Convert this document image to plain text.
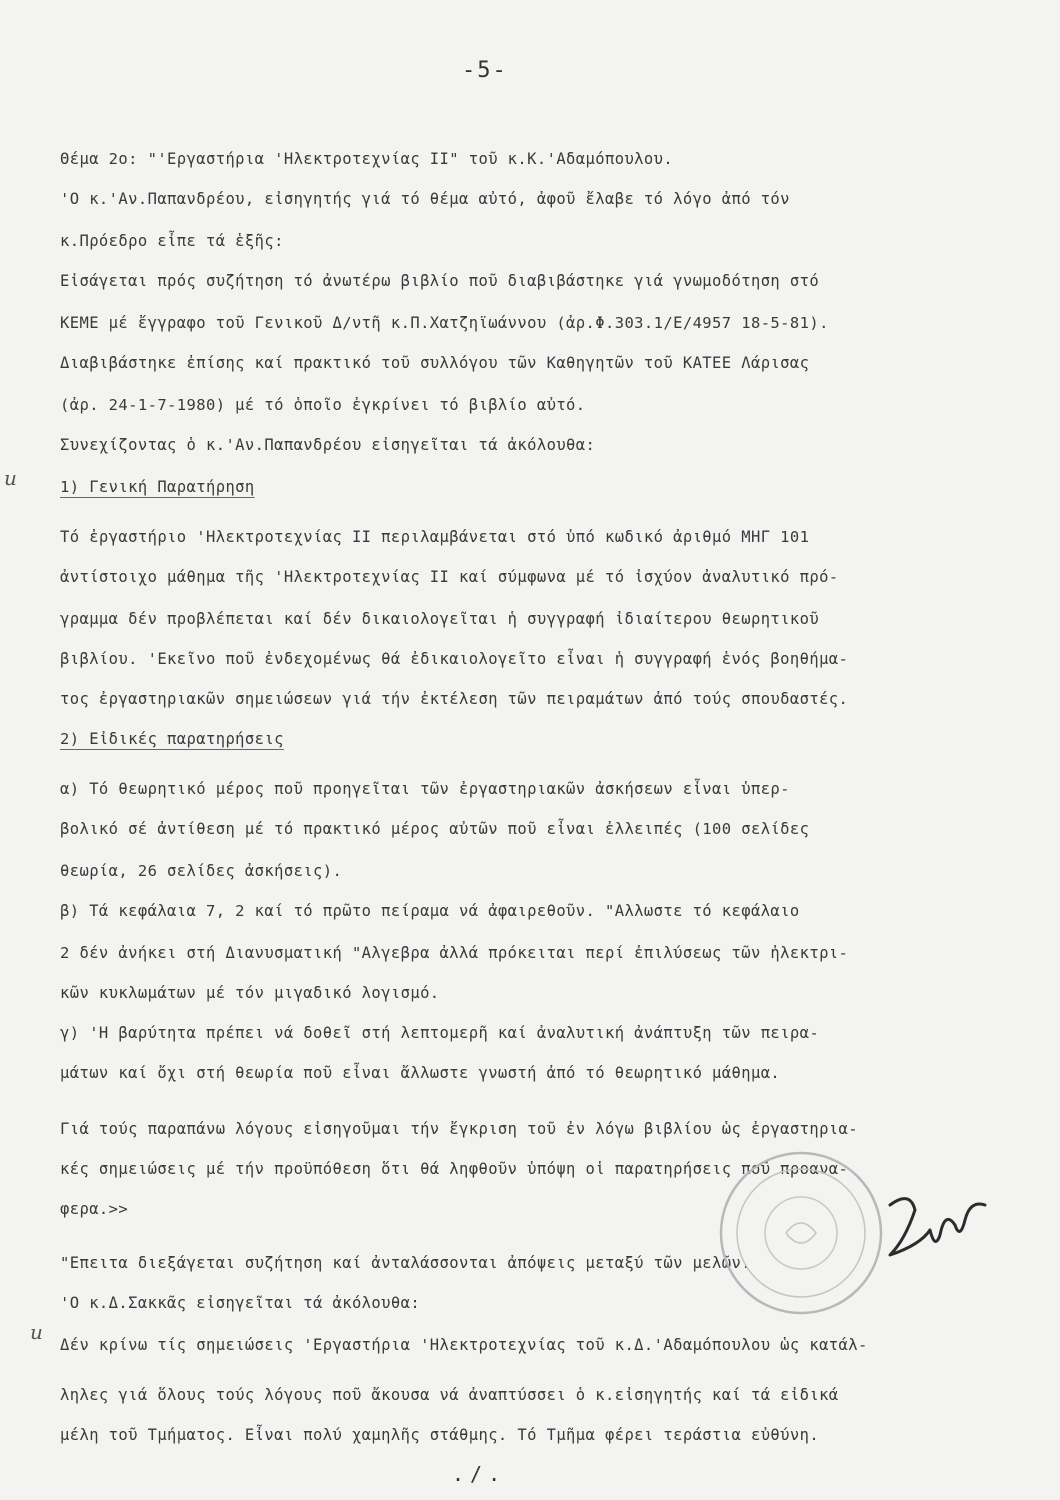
-5-
u
u
Θέμα 2ο: "'Εργαστήρια 'Ηλεκτροτεχνίας ΙΙ" τοῦ κ.Κ.'Αδαμόπουλου.
'Ο κ.'Αν.Παπανδρέου, εἰσηγητής γιά τό θέμα αὐτό, ἀφοῦ ἔλαβε τό λόγο ἀπό τόν
κ.Πρόεδρο εἶπε τά ἑξῆς:
Εἰσάγεται πρός συζήτηση τό ἀνωτέρω βιβλίο ποῦ διαβιβάστηκε γιά γνωμοδότηση στό
ΚΕΜΕ μέ ἔγγραφο τοῦ Γενικοῦ Δ/ντῆ κ.Π.Χατζηϊωάννου (ἀρ.Φ.303.1/Ε/4957 18-5-81).
Διαβιβάστηκε ἐπίσης καί πρακτικό τοῦ συλλόγου τῶν Καθηγητῶν τοῦ ΚΑΤΕΕ Λάρισας
(ἀρ. 24-1-7-1980) μέ τό ὁποῖο ἐγκρίνει τό βιβλίο αὐτό.
Συνεχίζοντας ὁ κ.'Αν.Παπανδρέου εἰσηγεῖται τά ἀκόλουθα:
1) Γενική Παρατήρηση
Τό ἐργαστήριο 'Ηλεκτροτεχνίας ΙΙ περιλαμβάνεται στό ὑπό κωδικό ἀριθμό ΜΗΓ 101
ἀντίστοιχο μάθημα τῆς 'Ηλεκτροτεχνίας ΙΙ καί σύμφωνα μέ τό ἰσχύον ἀναλυτικό πρό-
γραμμα δέν προβλέπεται καί δέν δικαιολογεῖται ἡ συγγραφή ἰδιαίτερου θεωρητικοῦ
βιβλίου. 'Εκεῖνο ποῦ ἐνδεχομένως θά ἐδικαιολογεῖτο εἶναι ἡ συγγραφή ἑνός βοηθήμα-
τος ἐργαστηριακῶν σημειώσεων γιά τήν ἐκτέλεση τῶν πειραμάτων ἀπό τούς σπουδαστές.
2) Εἰδικές παρατηρήσεις
α) Τό θεωρητικό μέρος ποῦ προηγεῖται τῶν ἐργαστηριακῶν ἀσκήσεων εἶναι ὑπερ-
βολικό σέ ἀντίθεση μέ τό πρακτικό μέρος αὐτῶν ποῦ εἶναι ἐλλειπές (100 σελίδες
θεωρία, 26 σελίδες ἀσκήσεις).
β) Τά κεφάλαια 7, 2 καί τό πρῶτο πείραμα νά ἀφαιρεθοῦν. "Αλλωστε τό κεφάλαιο
2 δέν ἀνήκει στή Διανυσματική "Αλγεβρα ἀλλά πρόκειται περί ἐπιλύσεως τῶν ἠλεκτρι-
κῶν κυκλωμάτων μέ τόν μιγαδικό λογισμό.
γ) 'Η βαρύτητα πρέπει νά δοθεῖ στή λεπτομερῆ καί ἀναλυτική ἀνάπτυξη τῶν πειρα-
μάτων καί ὄχι στή θεωρία ποῦ εἶναι ἄλλωστε γνωστή ἀπό τό θεωρητικό μάθημα.
Γιά τούς παραπάνω λόγους εἰσηγοῦμαι τήν ἔγκριση τοῦ ἐν λόγω βιβλίου ὡς ἐργαστηρια-
κές σημειώσεις μέ τήν προϋπόθεση ὅτι θά ληφθοῦν ὑπόψη οἱ παρατηρήσεις ποῦ προανα-
φερα.>>
"Επειτα διεξάγεται συζήτηση καί ἀνταλάσσονται ἀπόψεις μεταξύ τῶν μελῶν.
'Ο κ.Δ.Σακκᾶς εἰσηγεῖται τά ἀκόλουθα:
Δέν κρίνω τίς σημειώσεις 'Εργαστήρια 'Ηλεκτροτεχνίας τοῦ κ.Δ.'Αδαμόπουλου ὡς κατάλ-
ληλες γιά ὅλους τούς λόγους ποῦ ἄκουσα νά ἀναπτύσσει ὁ κ.εἰσηγητής καί τά εἰδικά
μέλη τοῦ Τμήματος. Εἶναι πολύ χαμηλῆς στάθμης. Τό Τμῆμα φέρει τεράστια εὐθύνη.
./.
